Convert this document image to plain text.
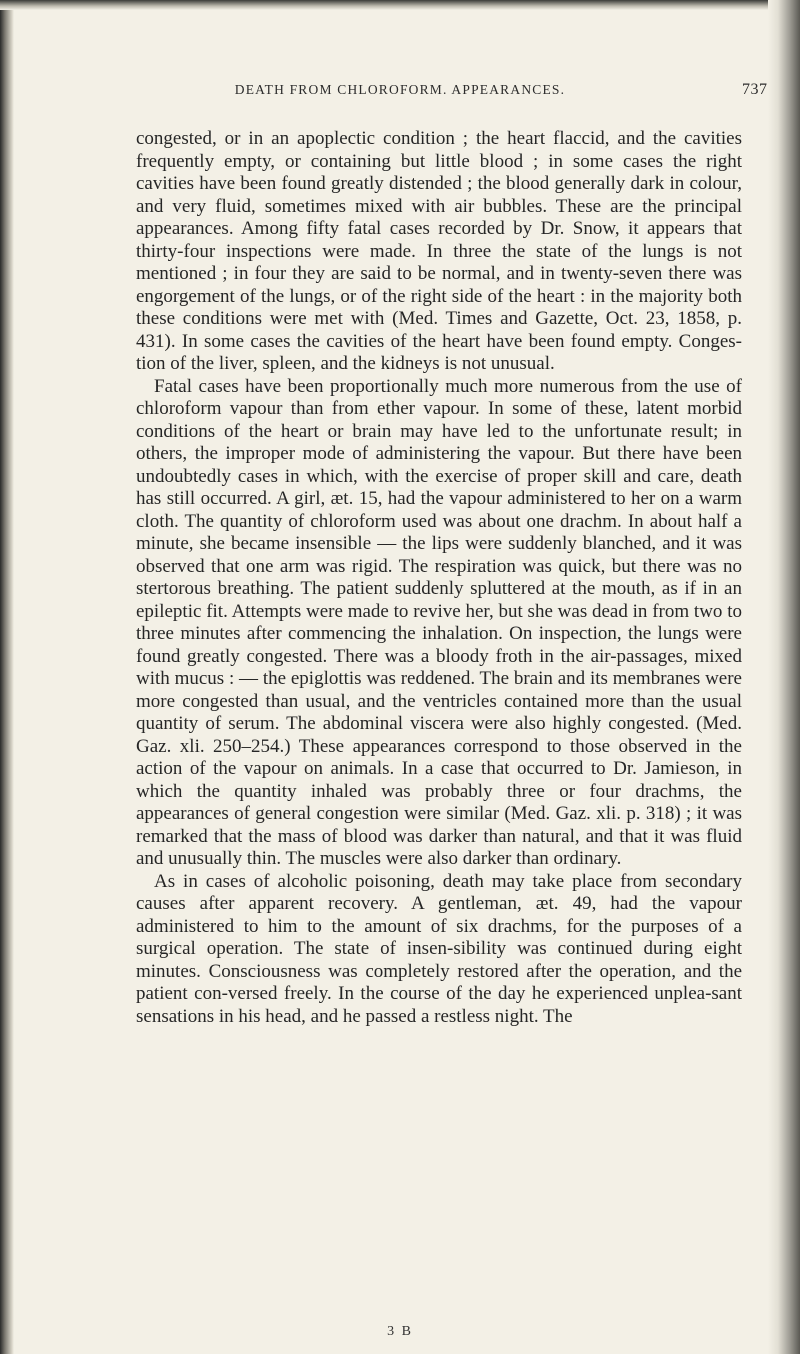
DEATH FROM CHLOROFORM. APPEARANCES.	737

congested, or in an apoplectic condition ; the heart flaccid, and the cavities frequently empty, or containing but little blood ; in some cases the right cavities have been found greatly distended ; the blood generally dark in colour, and very fluid, sometimes mixed with air bubbles. These are the principal appearances. Among fifty fatal cases recorded by Dr. Snow, it appears that thirty-four inspections were made. In three the state of the lungs is not mentioned ; in four they are said to be normal, and in twenty-seven there was engorgement of the lungs, or of the right side of the heart : in the majority both these conditions were met with (Med. Times and Gazette, Oct. 23, 1858, p. 431). In some cases the cavities of the heart have been found empty. Conges-tion of the liver, spleen, and the kidneys is not unusual.

Fatal cases have been proportionally much more numerous from the use of chloroform vapour than from ether vapour. In some of these, latent morbid conditions of the heart or brain may have led to the unfortunate result; in others, the improper mode of administering the vapour. But there have been undoubtedly cases in which, with the exercise of proper skill and care, death has still occurred. A girl, æt. 15, had the vapour administered to her on a warm cloth. The quantity of chloroform used was about one drachm. In about half a minute, she became insensible — the lips were suddenly blanched, and it was observed that one arm was rigid. The respiration was quick, but there was no stertorous breathing. The patient suddenly spluttered at the mouth, as if in an epileptic fit. Attempts were made to revive her, but she was dead in from two to three minutes after commencing the inhalation. On inspection, the lungs were found greatly congested. There was a bloody froth in the air-passages, mixed with mucus : — the epiglottis was reddened. The brain and its membranes were more congested than usual, and the ventricles contained more than the usual quantity of serum. The abdominal viscera were also highly congested. (Med. Gaz. xli. 250–254.) These appearances correspond to those observed in the action of the vapour on animals. In a case that occurred to Dr. Jamieson, in which the quantity inhaled was probably three or four drachms, the appearances of general congestion were similar (Med. Gaz. xli. p. 318) ; it was remarked that the mass of blood was darker than natural, and that it was fluid and unusually thin. The muscles were also darker than ordinary.

As in cases of alcoholic poisoning, death may take place from secondary causes after apparent recovery. A gentleman, æt. 49, had the vapour administered to him to the amount of six drachms, for the purposes of a surgical operation. The state of insen-sibility was continued during eight minutes. Consciousness was completely restored after the operation, and the patient con-versed freely. In the course of the day he experienced unplea-sant sensations in his head, and he passed a restless night. The

3 B
